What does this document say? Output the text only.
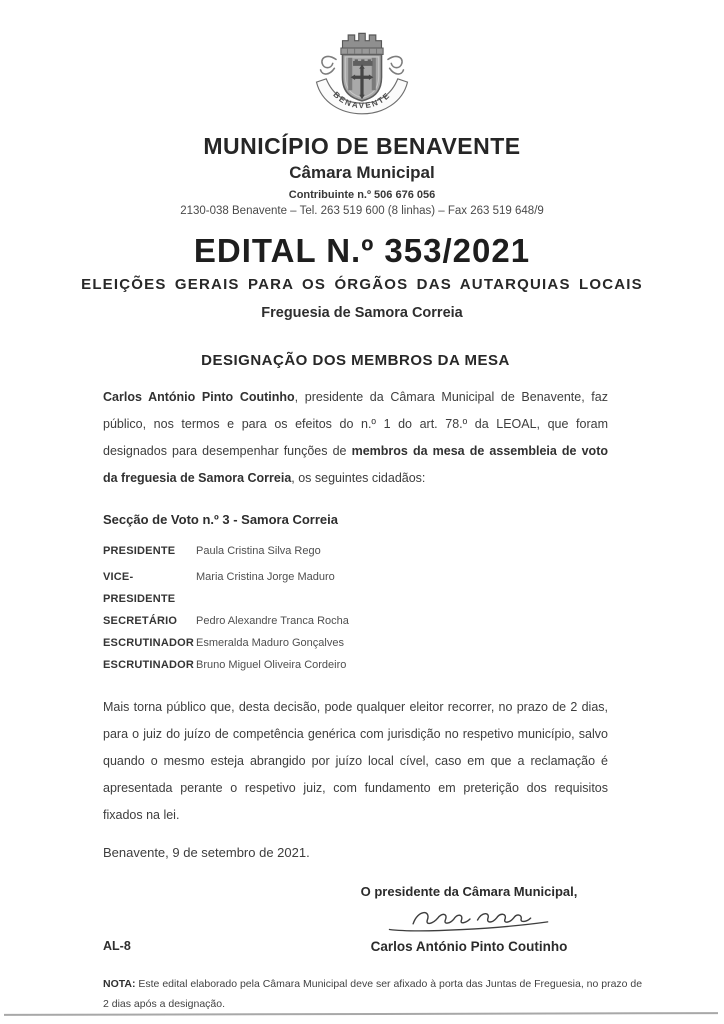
BENAVENTE
MUNICÍPIO DE BENAVENTE
Câmara Municipal
Contribuinte n.º 506 676 056
2130-038 Benavente – Tel. 263 519 600 (8 linhas) – Fax 263 519 648/9
EDITAL N.º 353/2021
ELEIÇÕES GERAIS PARA OS ÓRGÃOS DAS AUTARQUIAS LOCAIS
Freguesia de Samora Correia
DESIGNAÇÃO DOS MEMBROS DA MESA

Carlos António Pinto Coutinho, presidente da Câmara Municipal de Benavente, faz público, nos termos e para os efeitos do n.º 1 do art. 78.º da LEOAL, que foram designados para desempenhar funções de membros da mesa de assembleia de voto da freguesia de Samora Correia, os seguintes cidadãos:

Secção de Voto n.º 3 - Samora Correia
PRESIDENTE	Paula Cristina Silva Rego
VICE-PRESIDENTE
Maria Cristina Jorge Maduro
SECRETÁRIO	Pedro Alexandre Tranca Rocha
ESCRUTINADOR Esmeralda Maduro Gonçalves
ESCRUTINADOR Bruno Miguel Oliveira Cordeiro

Mais torna público que, desta decisão, pode qualquer eleitor recorrer, no prazo de 2 dias, para o juiz do juízo de competência genérica com jurisdição no respetivo município, salvo quando o mesmo esteja abrangido por juízo local cível, caso em que a reclamação é apresentada perante o respetivo juiz, com fundamento em preterição dos requisitos fixados na lei.

Benavente, 9 de setembro de 2021.

AL-8
O presidente da Câmara Municipal,
Carlos António Pinto Coutinho

NOTA: Este edital elaborado pela Câmara Municipal deve ser afixado à porta das Juntas de Freguesia, no prazo de 2 dias após a designação.
